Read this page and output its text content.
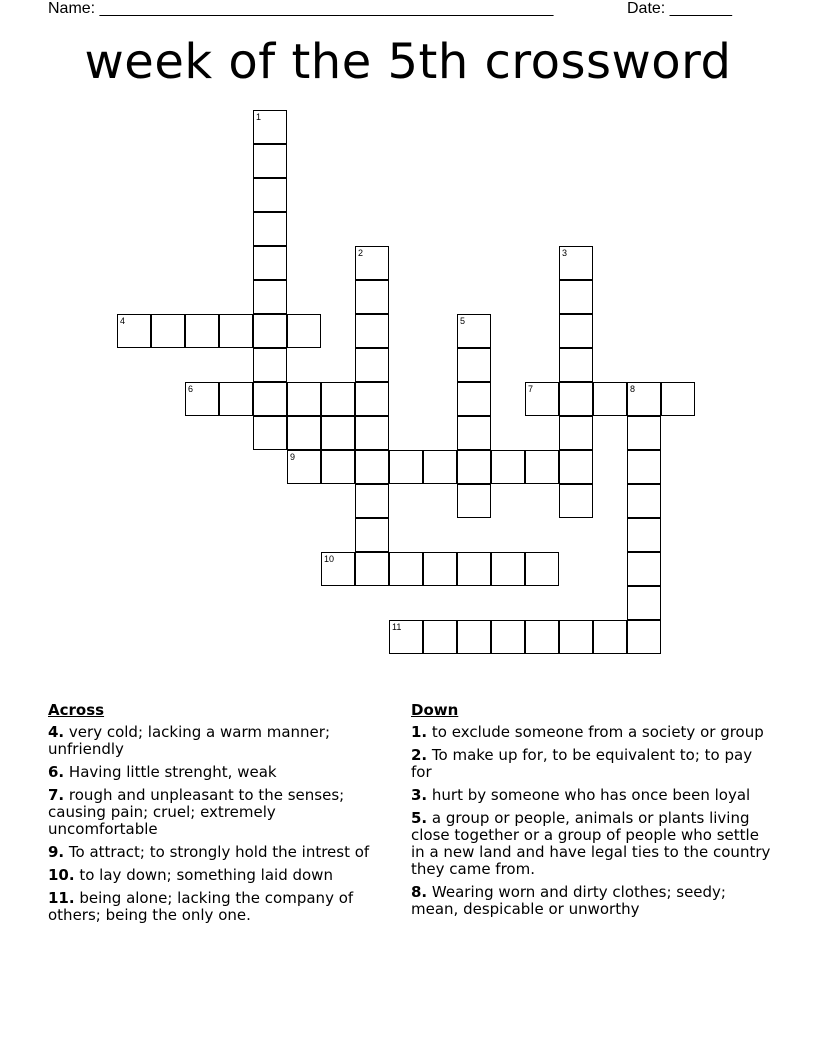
Name: ___________________________________________________

	Date: _______

week of the 5th crossword
1
2	3
4	5
6	7	8
9
10
11
Across
4. very cold; lacking a warm manner; unfriendly
6. Having little strenght, weak
7. rough and unpleasant to the senses; causing pain; cruel; extremely uncomfortable
9. To attract; to strongly hold the intrest of
10. to lay down; something laid down
11. being alone; lacking the company of others; being the only one.
Down
1. to exclude someone from a society or group
2. To make up for, to be equivalent to; to pay for
3. hurt by someone who has once been loyal
5. a group or people, animals or plants living close together or a group of people who settle in a new land and have legal ties to the country they came from.
8. Wearing worn and dirty clothes; seedy; mean, despicable or unworthy
